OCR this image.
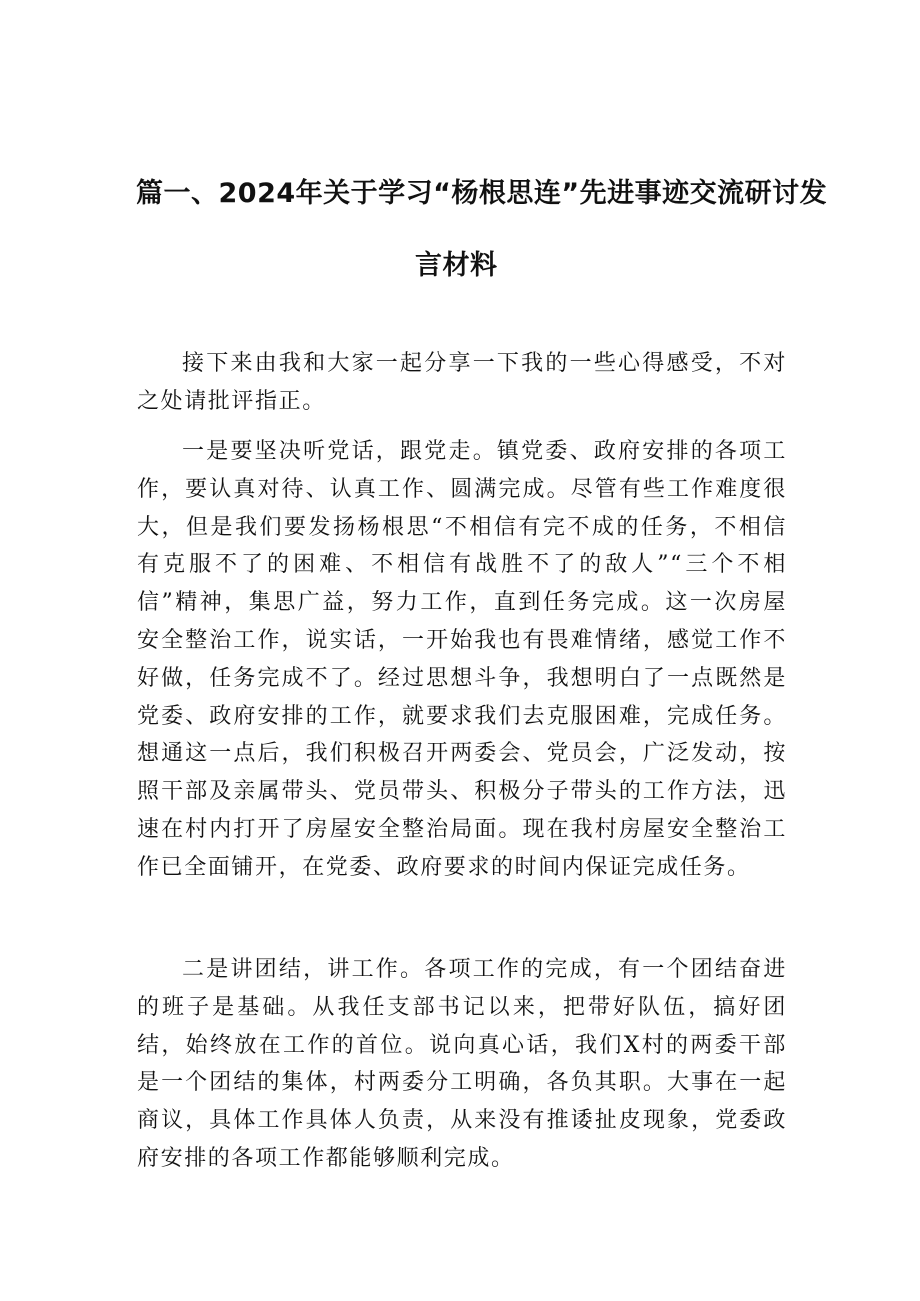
篇一、2024年关于学习“杨根思连”先进事迹交流研讨发
言材料

接下来由我和大家一起分享一下我的一些心得感受，不对之处请批评指正。

一是要坚决听党话，跟党走。镇党委、政府安排的各项工作，要认真对待、认真工作、圆满完成。尽管有些工作难度很大，但是我们要发扬杨根思“不相信有完不成的任务，不相信有克服不了的困难、不相信有战胜不了的敌人”“三个不相信”精神，集思广益，努力工作，直到任务完成。这一次房屋安全整治工作，说实话，一开始我也有畏难情绪，感觉工作不好做，任务完成不了。经过思想斗争，我想明白了一点既然是党委、政府安排的工作，就要求我们去克服困难，完成任务。想通这一点后，我们积极召开两委会、党员会，广泛发动，按照干部及亲属带头、党员带头、积极分子带头的工作方法，迅速在村内打开了房屋安全整治局面。现在我村房屋安全整治工作已全面铺开，在党委、政府要求的时间内保证完成任务。

二是讲团结，讲工作。各项工作的完成，有一个团结奋进的班子是基础。从我任支部书记以来，把带好队伍，搞好团结，始终放在工作的首位。说向真心话，我们X村的两委干部是一个团结的集体，村两委分工明确，各负其职。大事在一起商议，具体工作具体人负责，从来没有推诿扯皮现象，党委政府安排的各项工作都能够顺利完成。
